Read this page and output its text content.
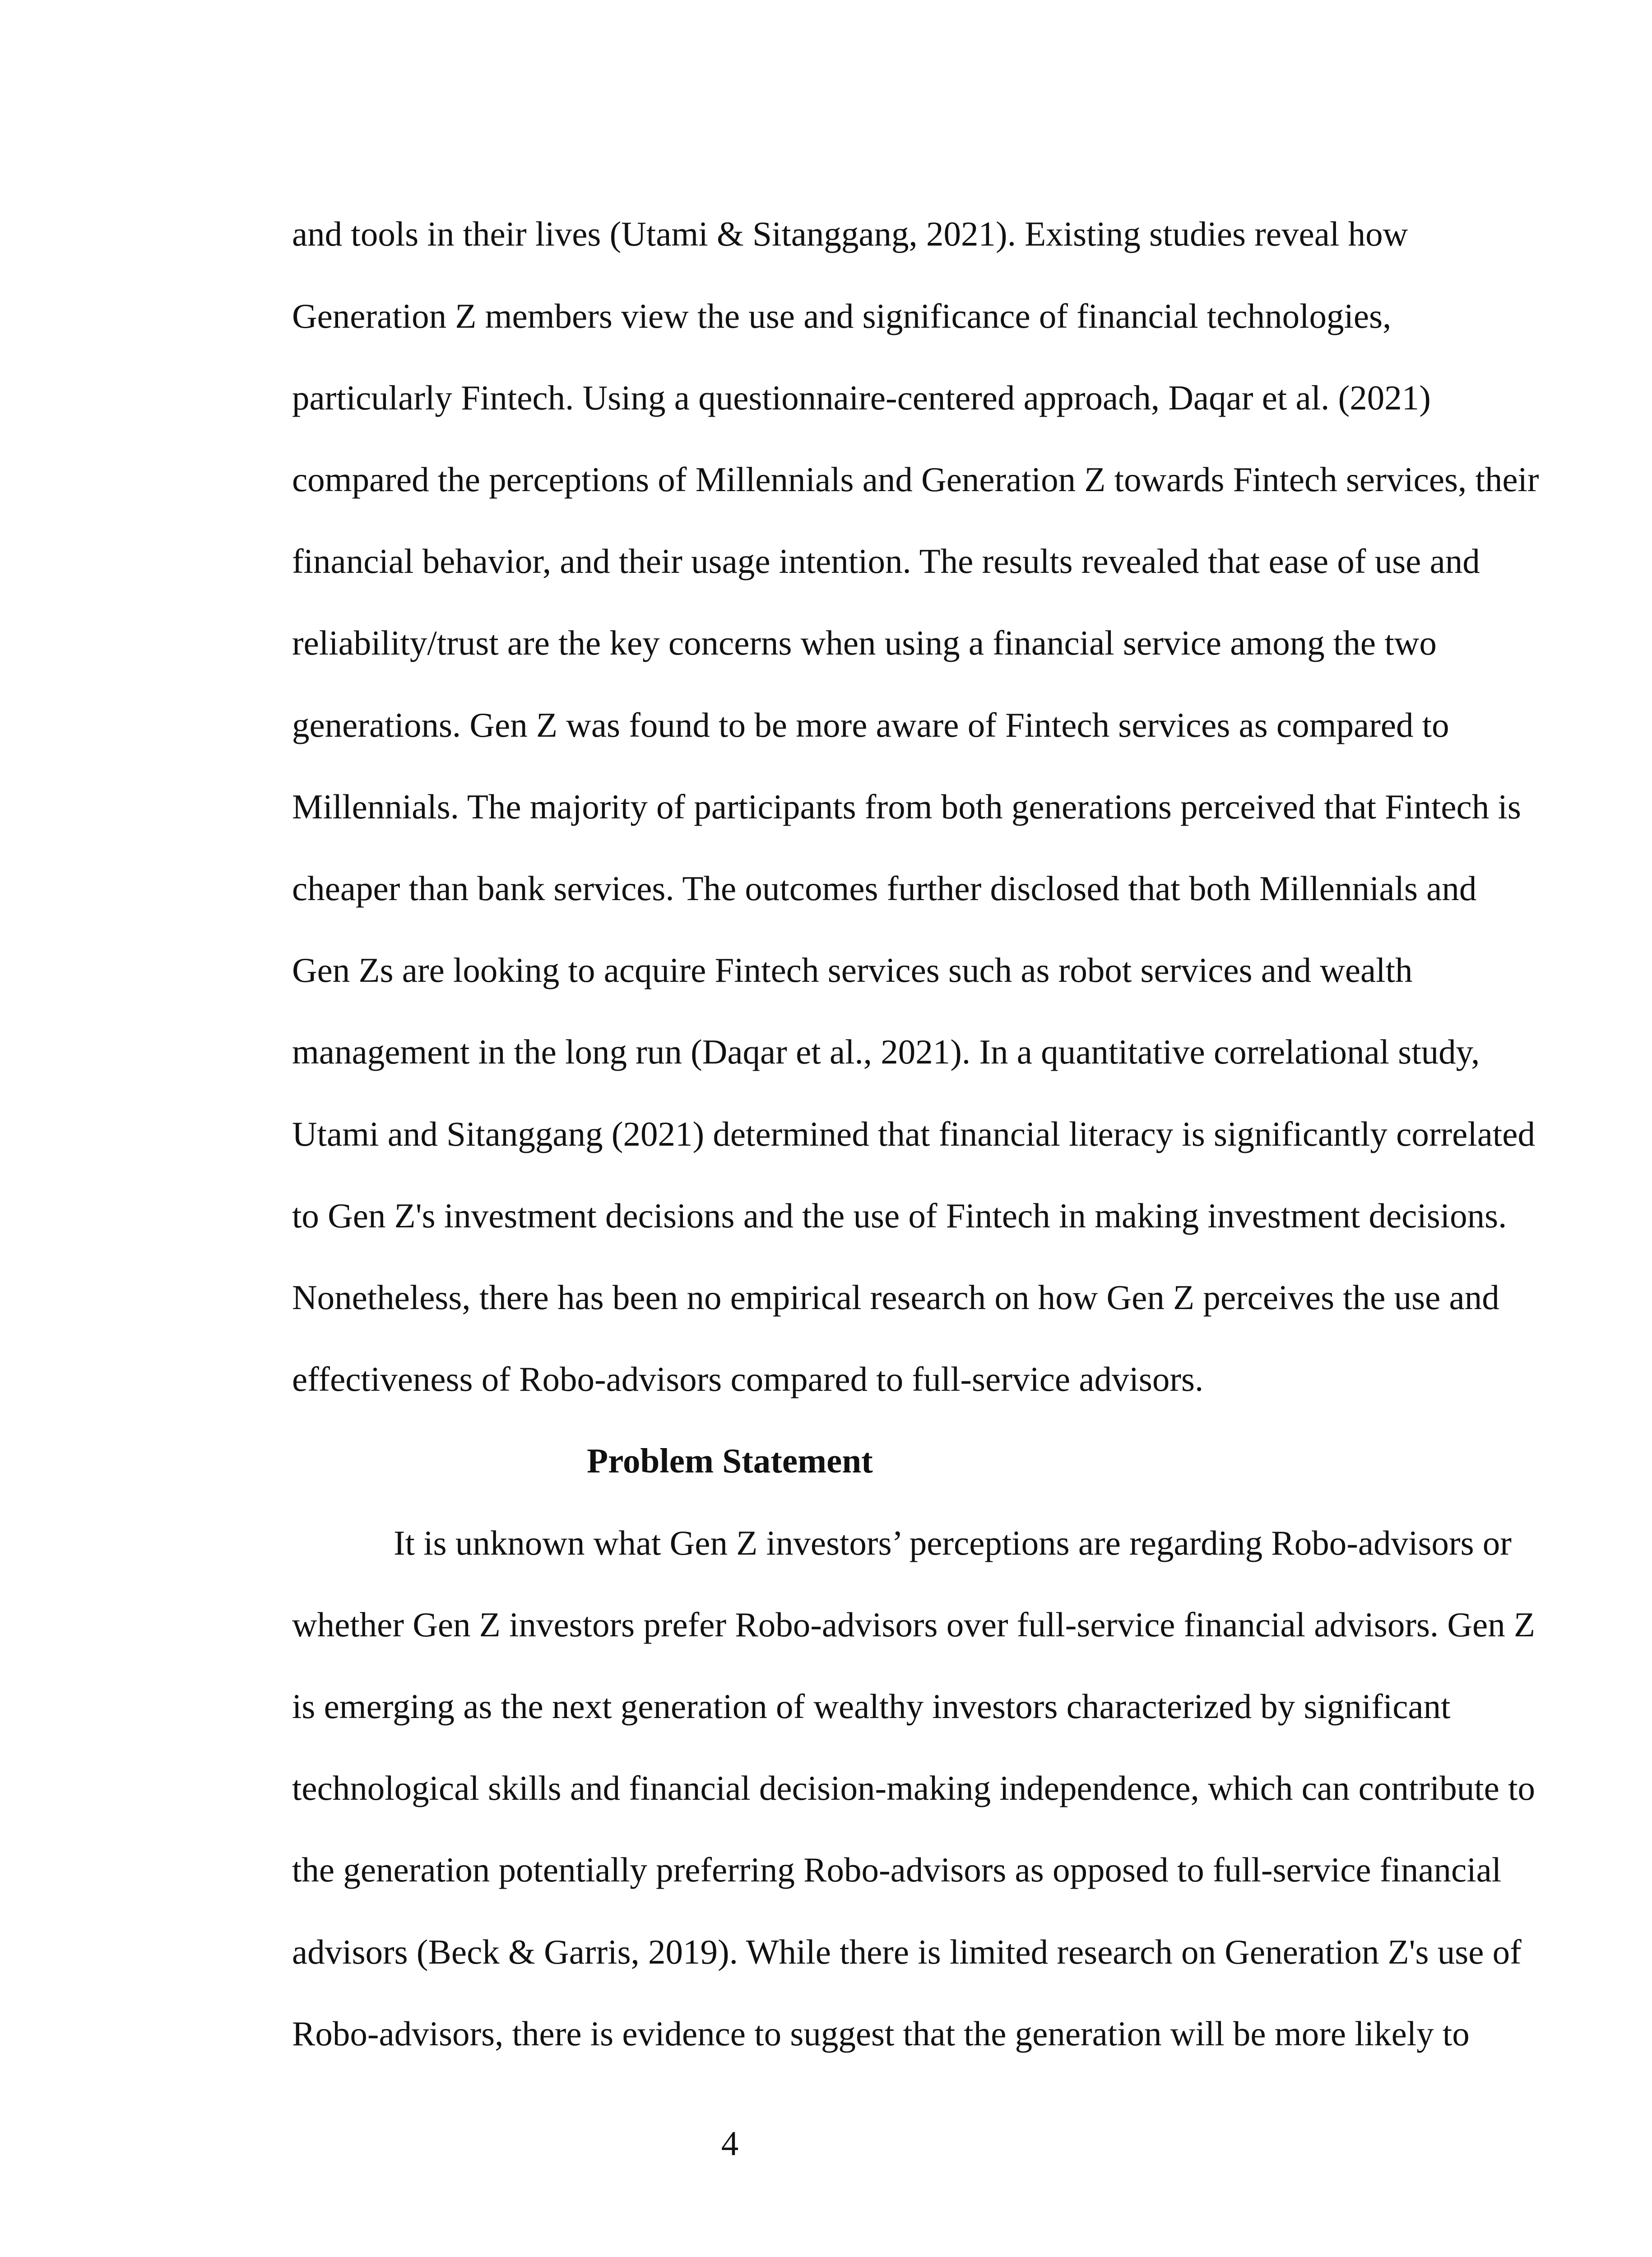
and tools in their lives (Utami & Sitanggang, 2021). Existing studies reveal how
Generation Z members view the use and significance of financial technologies,
particularly Fintech. Using a questionnaire-centered approach, Daqar et al. (2021)
compared the perceptions of Millennials and Generation Z towards Fintech services, their
financial behavior, and their usage intention. The results revealed that ease of use and
reliability/trust are the key concerns when using a financial service among the two
generations. Gen Z was found to be more aware of Fintech services as compared to
Millennials. The majority of participants from both generations perceived that Fintech is
cheaper than bank services. The outcomes further disclosed that both Millennials and
Gen Zs are looking to acquire Fintech services such as robot services and wealth
management in the long run (Daqar et al., 2021). In a quantitative correlational study,
Utami and Sitanggang (2021) determined that financial literacy is significantly correlated
to Gen Z's investment decisions and the use of Fintech in making investment decisions.
Nonetheless, there has been no empirical research on how Gen Z perceives the use and
effectiveness of Robo-advisors compared to full-service advisors.
Problem Statement
It is unknown what Gen Z investors’ perceptions are regarding Robo-advisors or
whether Gen Z investors prefer Robo-advisors over full-service financial advisors. Gen Z
is emerging as the next generation of wealthy investors characterized by significant
technological skills and financial decision-making independence, which can contribute to
the generation potentially preferring Robo-advisors as opposed to full-service financial
advisors (Beck & Garris, 2019). While there is limited research on Generation Z's use of
Robo-advisors, there is evidence to suggest that the generation will be more likely to
4
